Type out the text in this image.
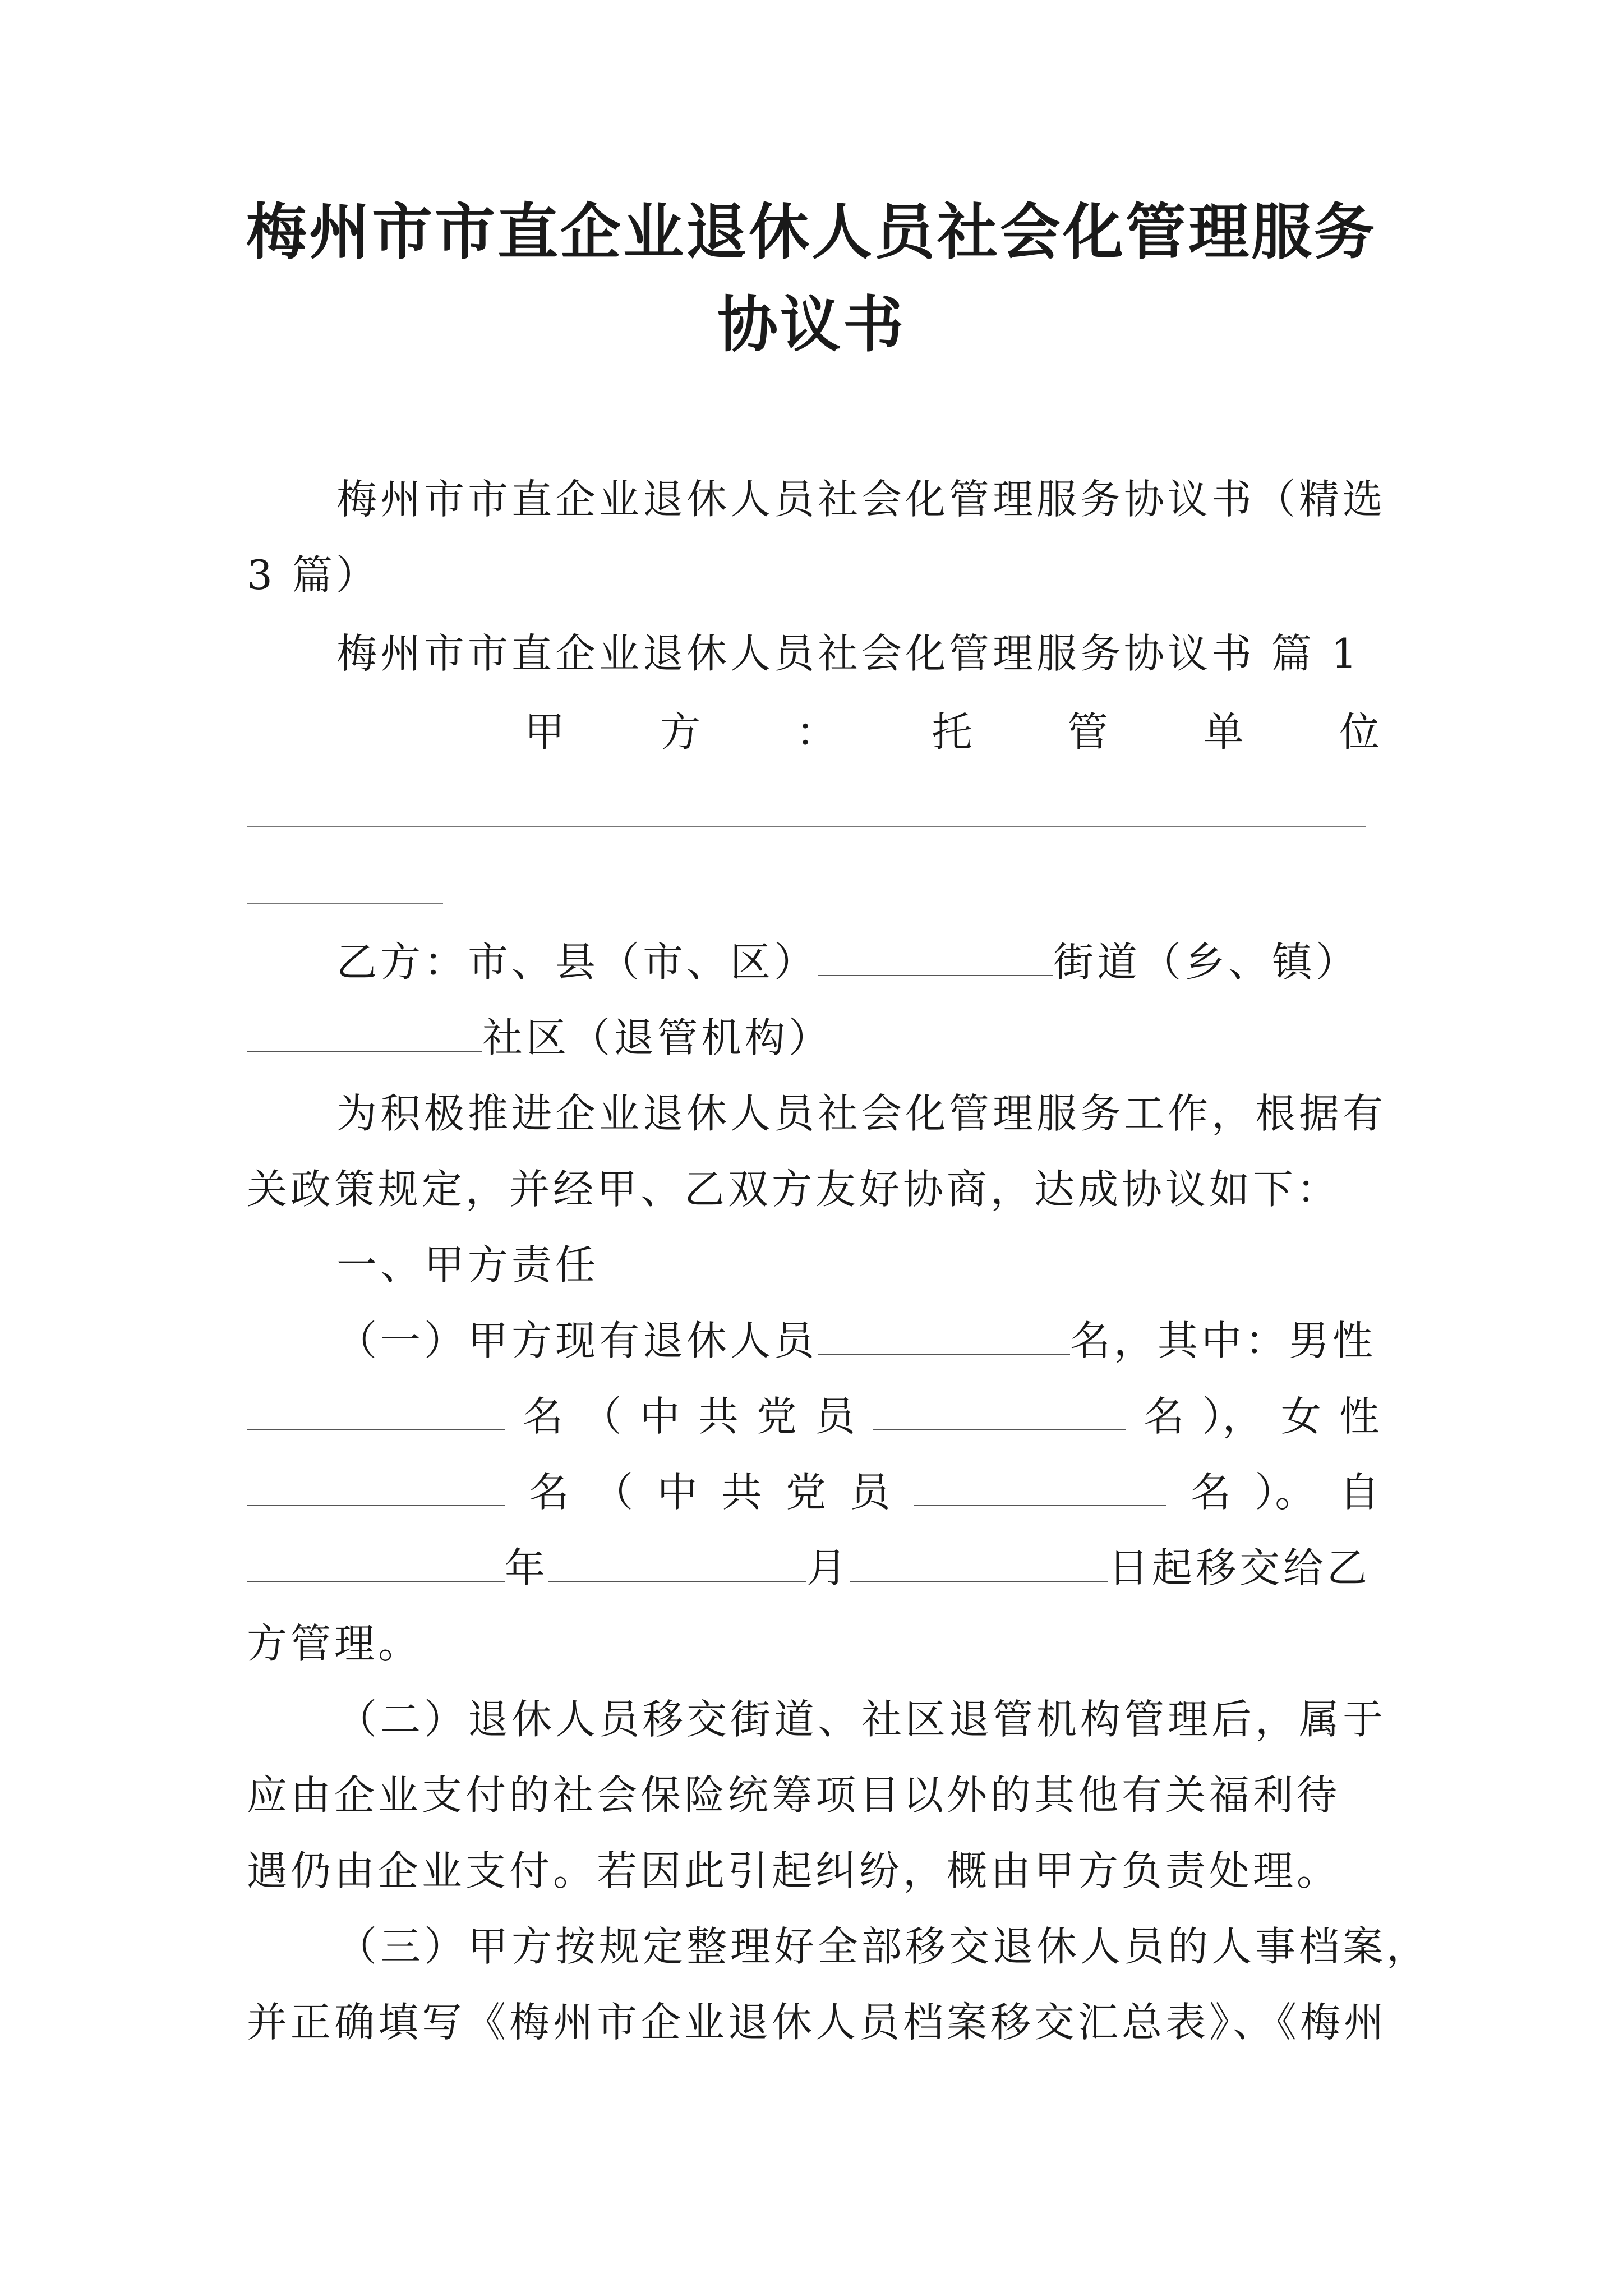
梅州市市直企业退休人员社会化管理服务
协议书
梅州市市直企业退休人员社会化管理服务协议书（精选
3 篇）
梅州市市直企业退休人员社会化管理服务协议书 篇 1
甲 方 ： 托 管 单 位
乙方：市、县（市、区）	街道（乡、镇）
社区（退管机构）
为积极推进企业退休人员社会化管理服务工作，根据有
关政策规定，并经甲、乙双方友好协商，达成协议如下：
一、甲方责任
（一）甲方现有退休人员	名，其中：男性
名 （ 中 共 党 员	名 ）， 女 性
名 （ 中 共 党 员	名 ）。 自
年	月	日起移交给乙
方管理。
（二）退休人员移交街道、社区退管机构管理后，属于
应由企业支付的社会保险统筹项目以外的其他有关福利待
遇仍由企业支付。若因此引起纠纷，概由甲方负责处理。
（三）甲方按规定整理好全部移交退休人员的人事档案，
并正确填写《梅州市企业退休人员档案移交汇总表》、《梅州
